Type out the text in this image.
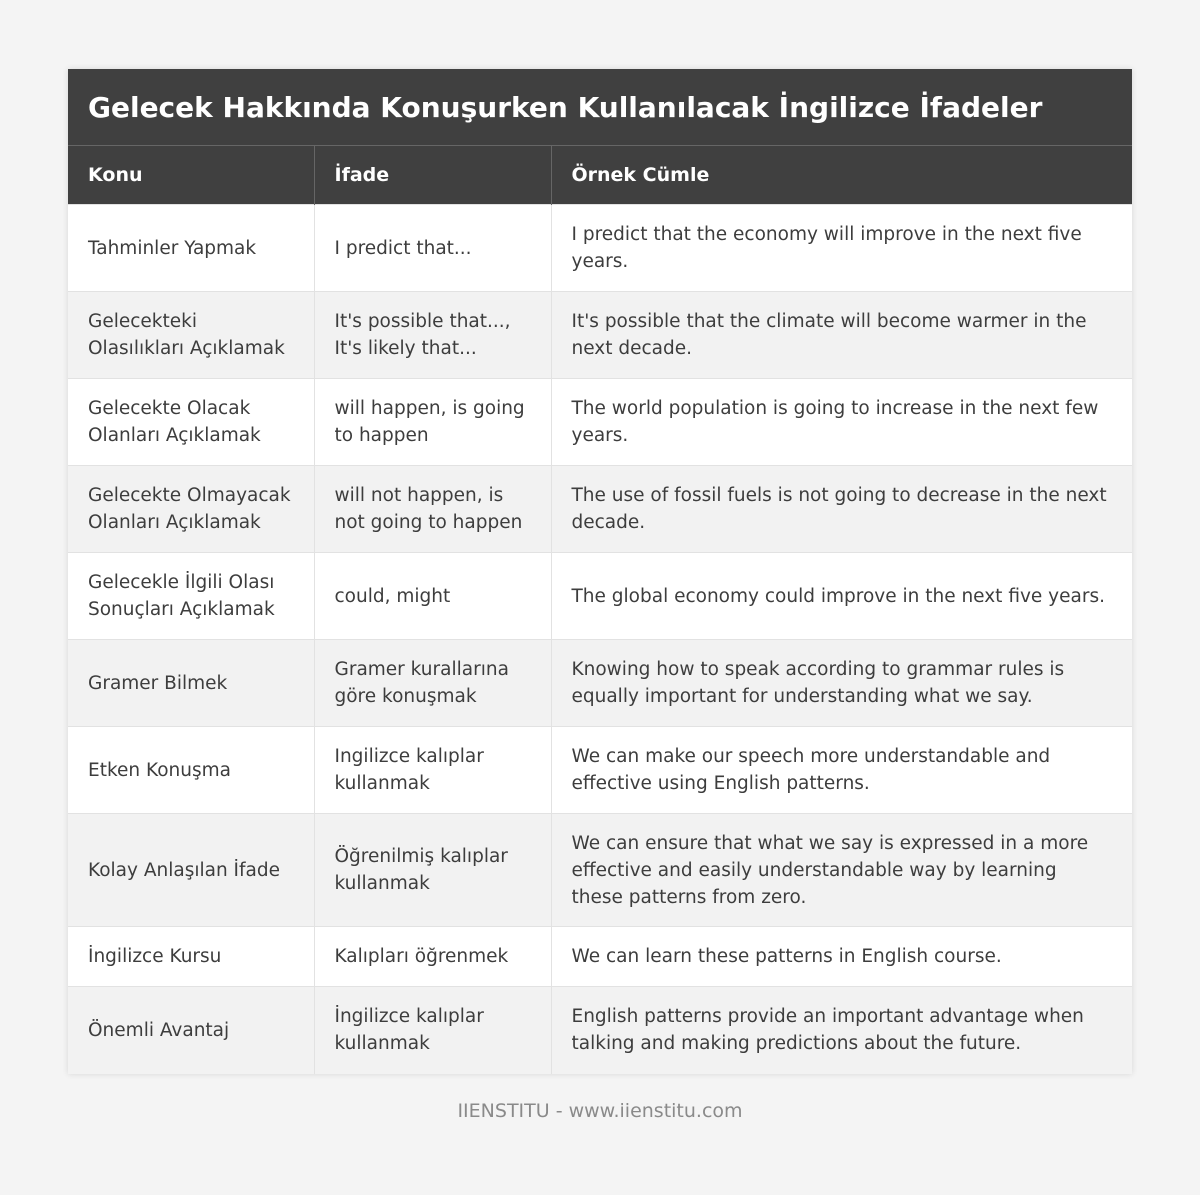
Gelecek Hakkında Konuşurken Kullanılacak İngilizce İfadeler
Konu	İfade	Örnek Cümle
Tahminler Yapmak	I predict that...	I predict that the economy will improve in the next five years.
Gelecekteki Olasılıkları Açıklamak	It's possible that..., It's likely that...	It's possible that the climate will become warmer in the next decade.
Gelecekte Olacak Olanları Açıklamak	will happen, is going to happen	The world population is going to increase in the next few years.
Gelecekte Olmayacak Olanları Açıklamak	will not happen, is not going to happen	The use of fossil fuels is not going to decrease in the next decade.
Gelecekle İlgili Olası Sonuçları Açıklamak	could, might	The global economy could improve in the next five years.
Gramer Bilmek	Gramer kurallarına göre konuşmak	Knowing how to speak according to grammar rules is equally important for understanding what we say.
Etken Konuşma	Ingilizce kalıplar kullanmak	We can make our speech more understandable and effective using English patterns.
Kolay Anlaşılan İfade	Öğrenilmiş kalıplar kullanmak	We can ensure that what we say is expressed in a more effective and easily understandable way by learning these patterns from zero.
İngilizce Kursu	Kalıpları öğrenmek	We can learn these patterns in English course.
Önemli Avantaj	İngilizce kalıplar kullanmak	English patterns provide an important advantage when talking and making predictions about the future.
IIENSTITU - www.iienstitu.com
